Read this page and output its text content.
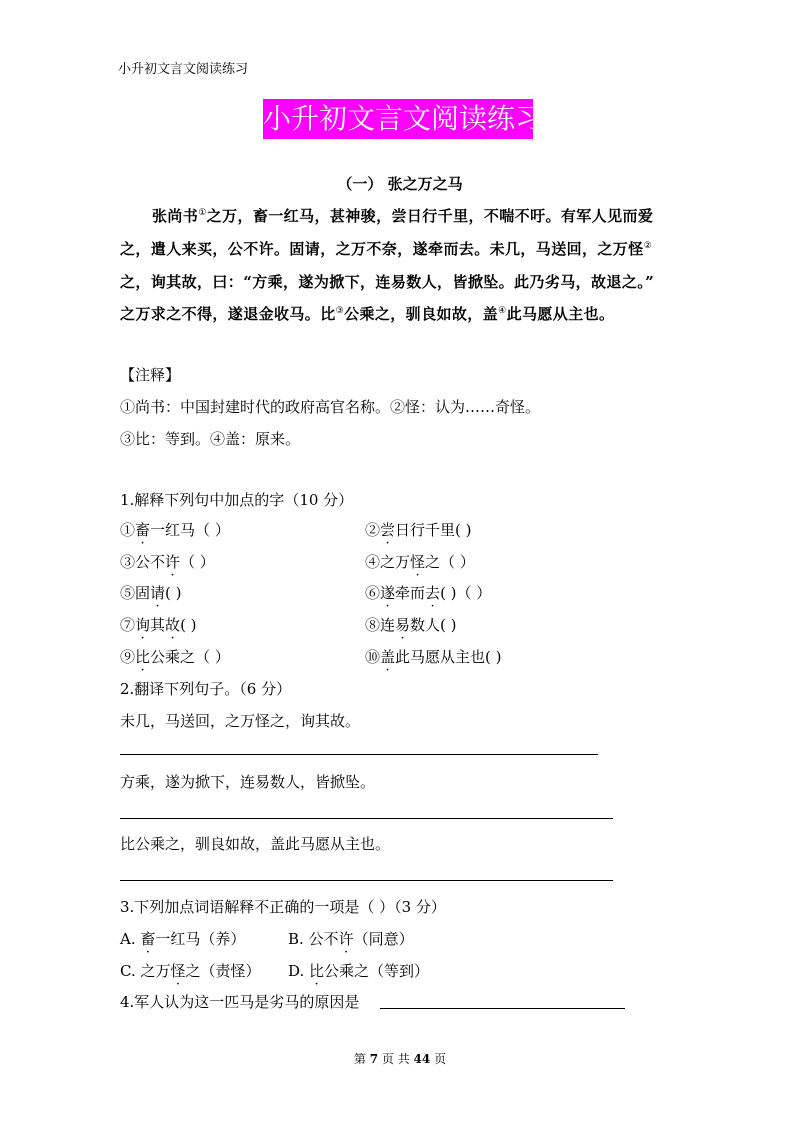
小升初文言文阅读练习
小升初文言文阅读练习
（一） 张之万之马
张尚书①之万，畜一红马，甚神骏，尝日行千里，不喘不吁。有军人见而爱
之，遣人来买，公不许。固请，之万不奈，遂牵而去。未几，马送回，之万怪②
之，询其故，曰：“方乘，遂为掀下，连易数人，皆掀坠。此乃劣马，故退之。”
之万求之不得，遂退金收马。比③公乘之，驯良如故，盖④此马愿从主也。
【注释】
①尚书：中国封建时代的政府高官名称。②怪：认为……奇怪。
③比：等到。④盖：原来。
1.解释下列句中加点的字（10 分）
①畜一红马（ ）	②尝日行千里( )
③公不许（ ）	④之万怪之（ ）
⑤固请( )	⑥遂牵而去( )（ ）
⑦询其故( )	⑧连易数人( )
⑨比公乘之（ ）	⑩盖此马愿从主也( )
2.翻译下列句子。（6 分）
未几，马送回，之万怪之，询其故。
方乘，遂为掀下，连易数人，皆掀坠。
比公乘之，驯良如故，盖此马愿从主也。
3.下列加点词语解释不正确的一项是（ ）（3 分）
A. 畜一红马（养）	B. 公不许（同意）
C. 之万怪之（责怪） D. 比公乘之（等到）
4.军人认为这一匹马是劣马的原因是
第 7 页 共 44 页
